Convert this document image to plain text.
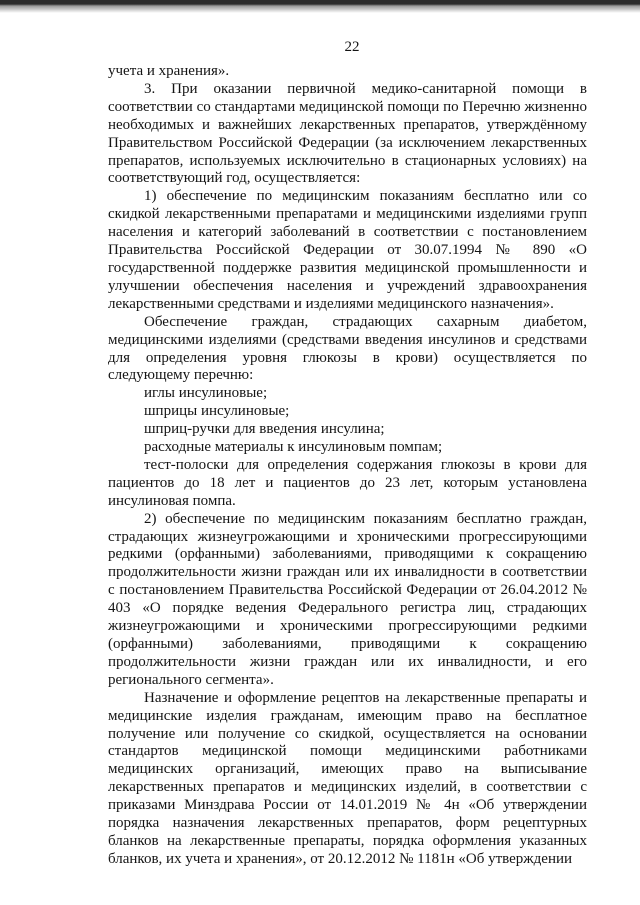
22

учета и хранения».

3. При оказании первичной медико-санитарной помощи в соответствии со стандартами медицинской помощи по Перечню жизненно необходимых и важнейших лекарственных препаратов, утверждённому Правительством Российской Федерации (за исключением лекарственных препаратов, используемых исключительно в стационарных условиях) на соответствующий год, осуществляется:

1) обеспечение по медицинским показаниям бесплатно или со скидкой лекарственными препаратами и медицинскими изделиями групп населения и категорий заболеваний в соответствии с постановлением Правительства Российской Федерации от 30.07.1994 № 890 «О государственной поддержке развития медицинской промышленности и улучшении обеспечения населения и учреждений здравоохранения лекарственными средствами и изделиями медицинского назначения».

Обеспечение граждан, страдающих сахарным диабетом, медицинскими изделиями (средствами введения инсулинов и средствами для определения уровня глюкозы в крови) осуществляется по следующему перечню:

иглы инсулиновые;

шприцы инсулиновые;

шприц-ручки для введения инсулина;

расходные материалы к инсулиновым помпам;

тест-полоски для определения содержания глюкозы в крови для пациентов до 18 лет и пациентов до 23 лет, которым установлена инсулиновая помпа.

2) обеспечение по медицинским показаниям бесплатно граждан, страдающих жизнеугрожающими и хроническими прогрессирующими редкими (орфанными) заболеваниями, приводящими к сокращению продолжительности жизни граждан или их инвалидности в соответствии с постановлением Правительства Российской Федерации от 26.04.2012 № 403 «О порядке ведения Федерального регистра лиц, страдающих жизнеугрожающими и хроническими прогрессирующими редкими (орфанными) заболеваниями, приводящими к сокращению продолжительности жизни граждан или их инвалидности, и его регионального сегмента».

Назначение и оформление рецептов на лекарственные препараты и медицинские изделия гражданам, имеющим право на бесплатное получение или получение со скидкой, осуществляется на основании стандартов медицинской помощи медицинскими работниками медицинских организаций, имеющих право на выписывание лекарственных препаратов и медицинских изделий, в соответствии с приказами Минздрава России от 14.01.2019 № 4н «Об утверждении порядка назначения лекарственных препаратов, форм рецептурных бланков на лекарственные препараты, порядка оформления указанных бланков, их учета и хранения», от 20.12.2012 № 1181н «Об утверждении
